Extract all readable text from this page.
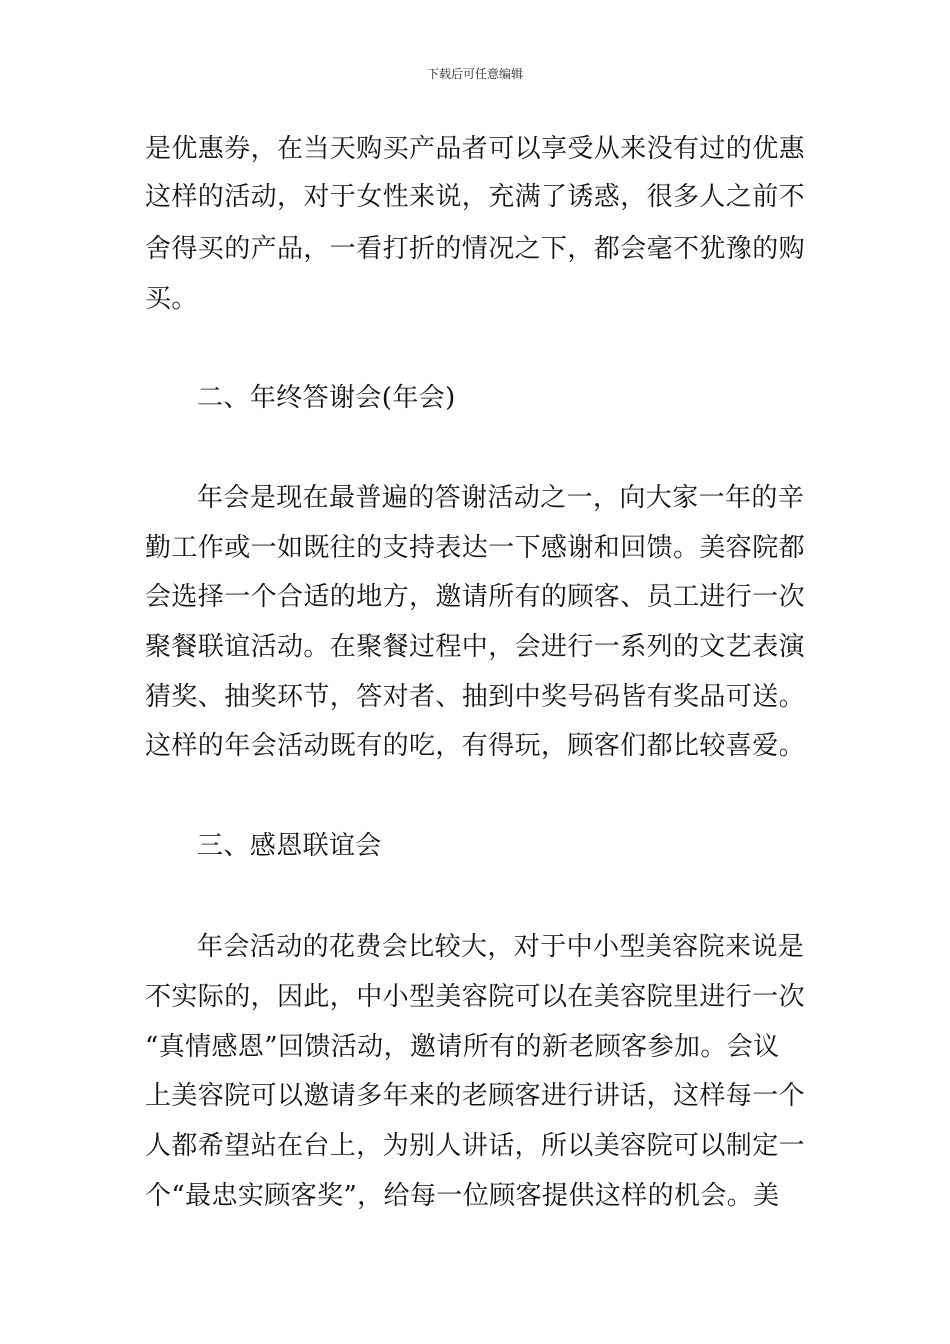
下载后可任意编辑
是优惠券，在当天购买产品者可以享受从来没有过的优惠
这样的活动，对于女性来说，充满了诱惑，很多人之前不
舍得买的产品，一看打折的情况之下，都会毫不犹豫的购
买。
二、年终答谢会(年会)
年会是现在最普遍的答谢活动之一，向大家一年的辛
勤工作或一如既往的支持表达一下感谢和回馈。美容院都
会选择一个合适的地方，邀请所有的顾客、员工进行一次
聚餐联谊活动。在聚餐过程中，会进行一系列的文艺表演
猜奖、抽奖环节，答对者、抽到中奖号码皆有奖品可送。
这样的年会活动既有的吃，有得玩，顾客们都比较喜爱。
三、感恩联谊会
年会活动的花费会比较大，对于中小型美容院来说是
不实际的，因此，中小型美容院可以在美容院里进行一次
“真情感恩”回馈活动，邀请所有的新老顾客参加。会议
上美容院可以邀请多年来的老顾客进行讲话，这样每一个
人都希望站在台上，为别人讲话，所以美容院可以制定一
个“最忠实顾客奖”，给每一位顾客提供这样的机会。美
